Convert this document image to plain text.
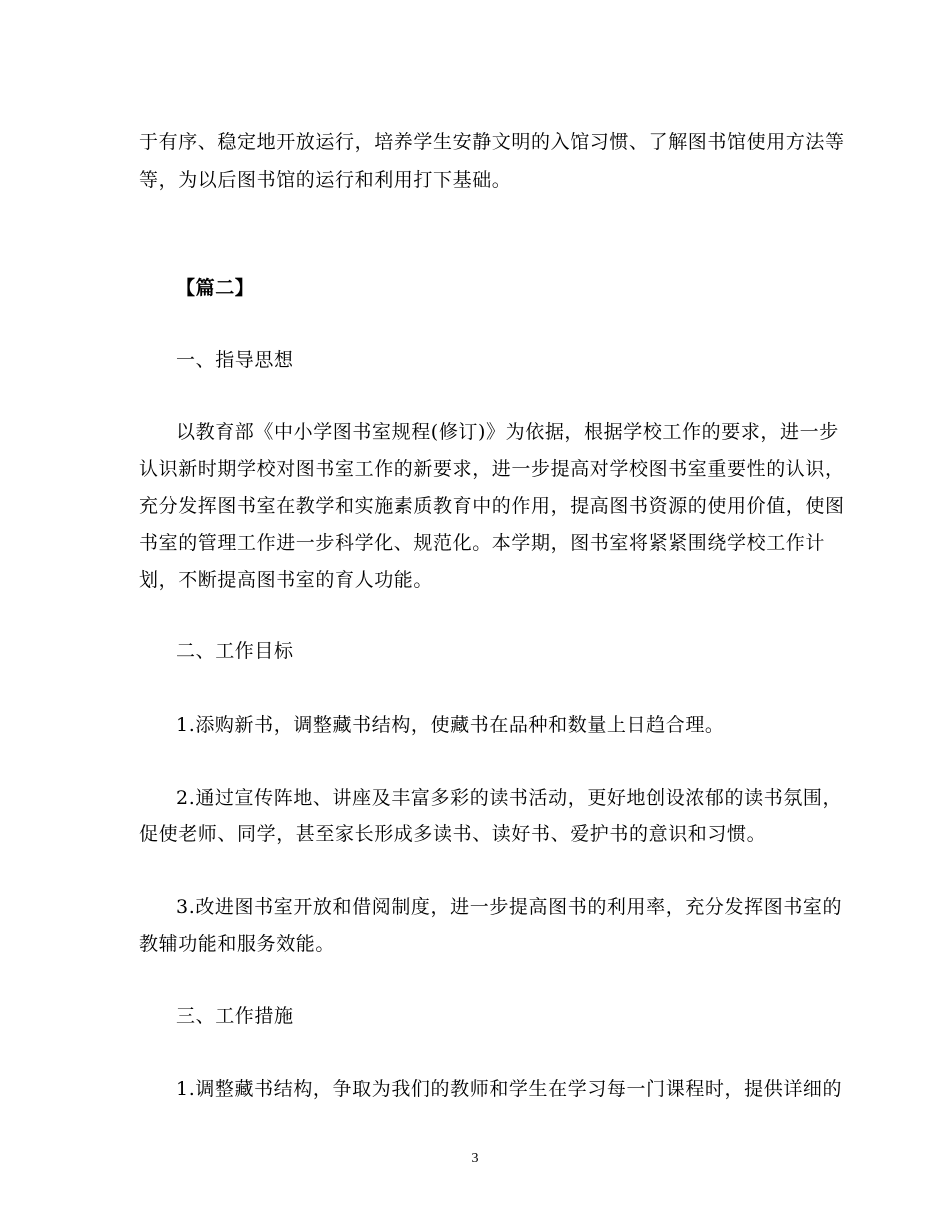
于有序、稳定地开放运行，培养学生安静文明的入馆习惯、了解图书馆使用方法等
等，为以后图书馆的运行和利用打下基础。
【篇二】
一、指导思想
以教育部《中小学图书室规程(修订)》为依据，根据学校工作的要求，进一步
认识新时期学校对图书室工作的新要求，进一步提高对学校图书室重要性的认识，
充分发挥图书室在教学和实施素质教育中的作用，提高图书资源的使用价值，使图
书室的管理工作进一步科学化、规范化。本学期，图书室将紧紧围绕学校工作计
划，不断提高图书室的育人功能。
二、工作目标
1.添购新书，调整藏书结构，使藏书在品种和数量上日趋合理。
2.通过宣传阵地、讲座及丰富多彩的读书活动，更好地创设浓郁的读书氛围，
促使老师、同学，甚至家长形成多读书、读好书、爱护书的意识和习惯。
3.改进图书室开放和借阅制度，进一步提高图书的利用率，充分发挥图书室的
教辅功能和服务效能。
三、工作措施
1.调整藏书结构，争取为我们的教师和学生在学习每一门课程时，提供详细的
3
